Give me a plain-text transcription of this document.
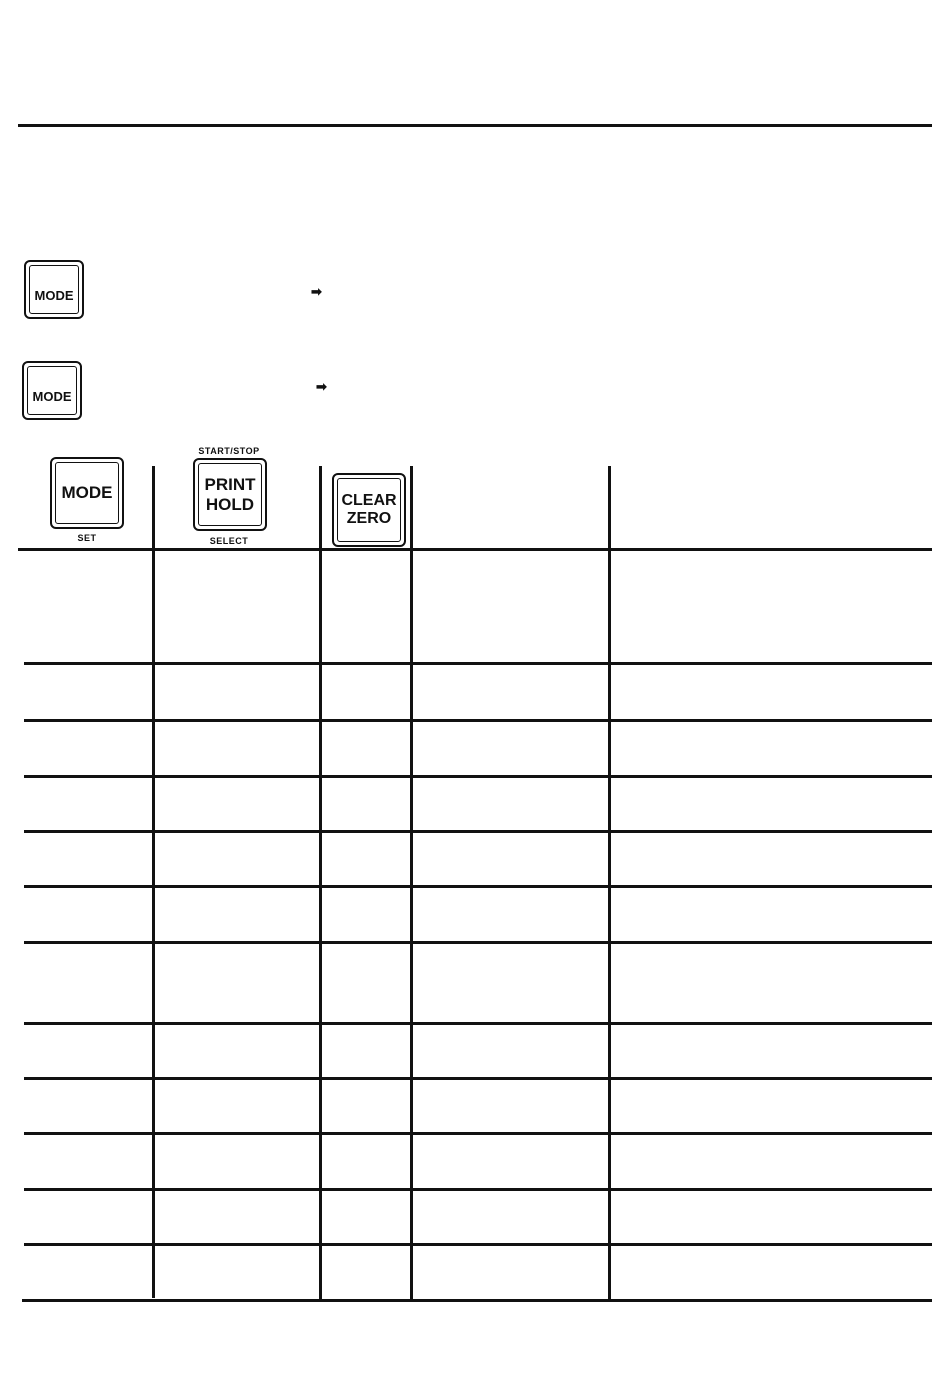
MODE	➡
MODE
➡
START/STOP
MODE
SET
PRINT
HOLD
SELECT
CLEAR
ZERO
